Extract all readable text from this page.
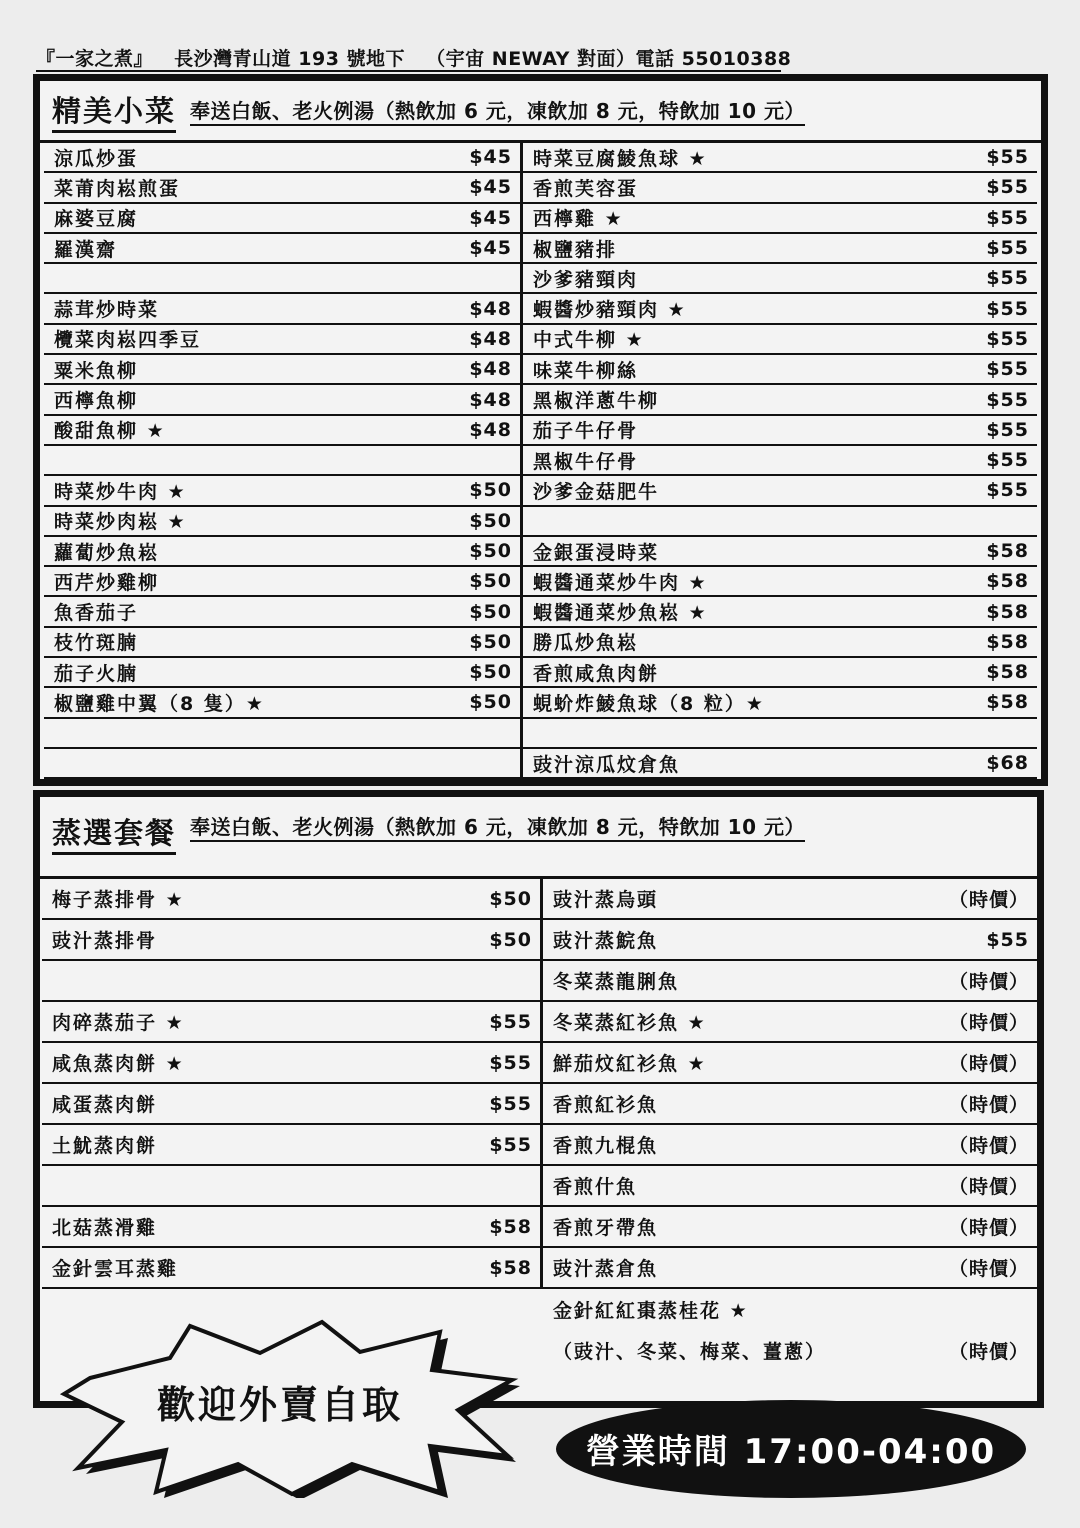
『一家之煮』 長沙灣青山道 193 號地下 （宇宙 NEWAY 對面）電話 55010388
精美小菜 奉送白飯、老火例湯（熱飲加 6 元，凍飲加 8 元，特飲加 10 元）
涼瓜炒蛋	$45
菜莆肉崧煎蛋	$45
麻婆豆腐	$45
羅漢齋	$45
蒜茸炒時菜	$48
欖菜肉崧四季豆	$48
粟米魚柳	$48
西檸魚柳	$48
酸甜魚柳 ★	$48
時菜炒牛肉 ★	$50
時菜炒肉崧 ★	$50
蘿蔔炒魚崧	$50
西芹炒雞柳	$50
魚香茄子	$50
枝竹斑腩	$50
茄子火腩	$50
椒鹽雞中翼（8 隻）★	$50
時菜豆腐鯪魚球 ★	$55
香煎芙容蛋	$55
西檸雞 ★	$55
椒鹽豬排	$55
沙爹豬頸肉	$55
蝦醬炒豬頸肉 ★	$55
中式牛柳 ★	$55
味菜牛柳絲	$55
黑椒洋蔥牛柳	$55
茄子牛仔骨	$55
黑椒牛仔骨	$55
沙爹金菇肥牛	$55
金銀蛋浸時菜	$58
蝦醬通菜炒牛肉 ★	$58
蝦醬通菜炒魚崧 ★	$58
勝瓜炒魚崧	$58
香煎咸魚肉餅	$58
蜆蚧炸鯪魚球（8 粒）★	$58
豉汁涼瓜炆倉魚	$68
蒸選套餐 奉送白飯、老火例湯（熱飲加 6 元，凍飲加 8 元，特飲加 10 元）
梅子蒸排骨 ★	$50
豉汁蒸排骨	$50
肉碎蒸茄子 ★	$55
咸魚蒸肉餅 ★	$55
咸蛋蒸肉餅	$55
土魷蒸肉餅	$55
北菇蒸滑雞	$58
金針雲耳蒸雞	$58
豉汁蒸烏頭	（時價）
豉汁蒸鯇魚	$55
冬菜蒸龍脷魚	（時價）
冬菜蒸紅衫魚 ★	（時價）
鮮茄炆紅衫魚 ★	（時價）
香煎紅衫魚	（時價）
香煎九棍魚	（時價）
香煎什魚	（時價）
香煎牙帶魚	（時價）
豉汁蒸倉魚	（時價）
金針紅紅棗蒸桂花 ★
（豉汁、冬菜、梅菜、薑蔥）	（時價）
歡迎外賣自取
營業時間 17:00-04:00
